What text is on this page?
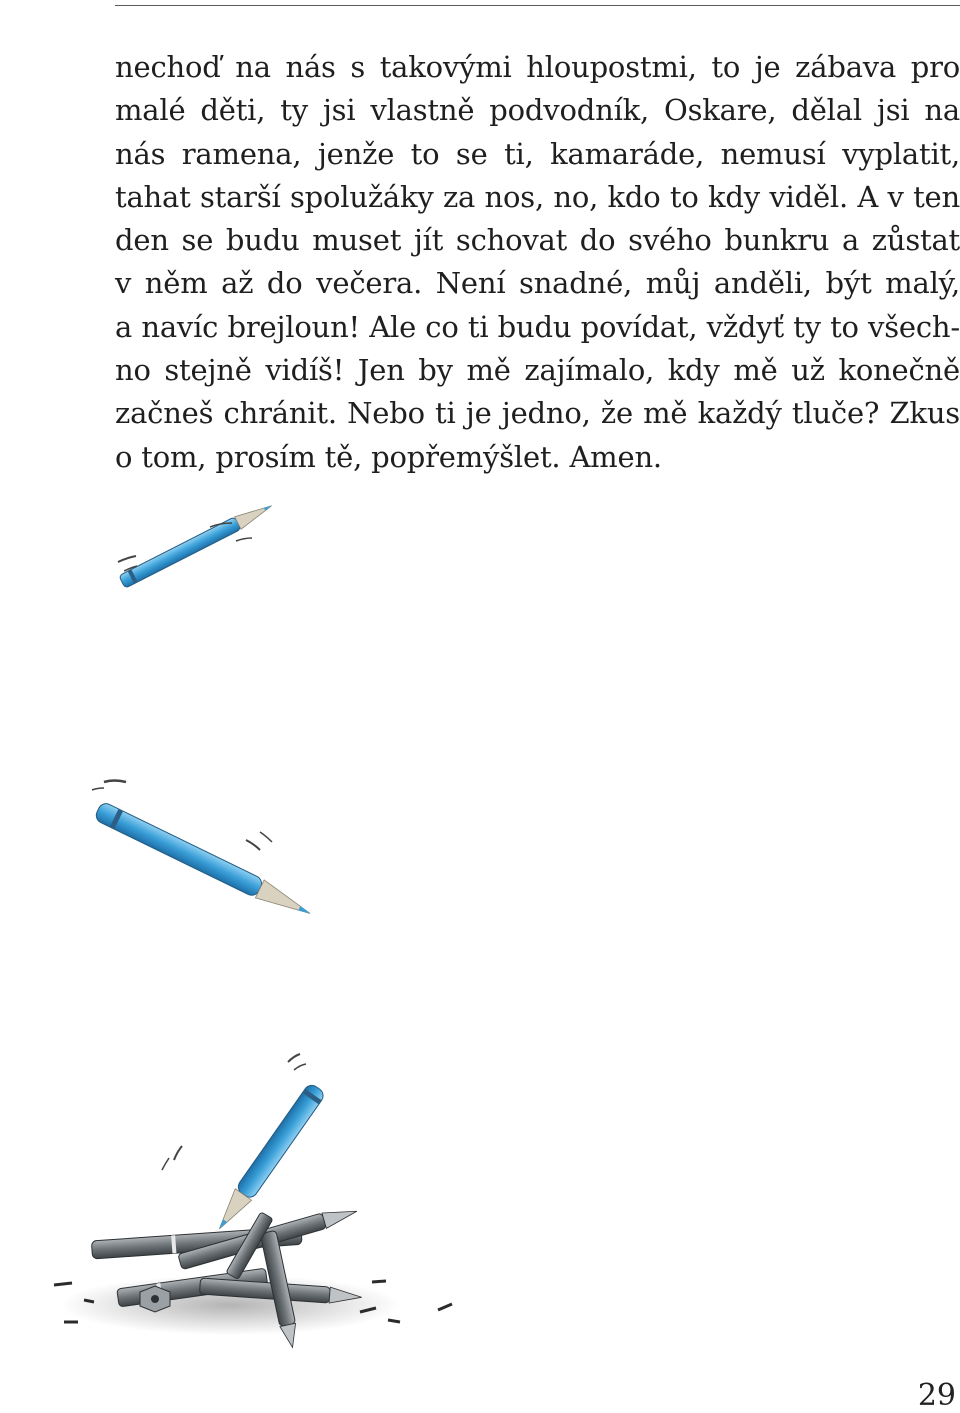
nechoď na nás s takovými hloupostmi, to je zábava pro
malé děti, ty jsi vlastně podvodník, Oskare, dělal jsi na
nás ramena, jenže to se ti, kamaráde, nemusí vyplatit,
tahat starší spolužáky za nos, no, kdo to kdy viděl. A v ten
den se budu muset jít schovat do svého bunkru a zůstat
v něm až do večera. Není snadné, můj anděli, být malý,
a navíc brejloun! Ale co ti budu povídat, vždyť ty to všech-
no stejně vidíš! Jen by mě zajímalo, kdy mě už konečně
začneš chránit. Nebo ti je jedno, že mě každý tluče? Zkus
o tom, prosím tě, popřemýšlet. Amen.
29
